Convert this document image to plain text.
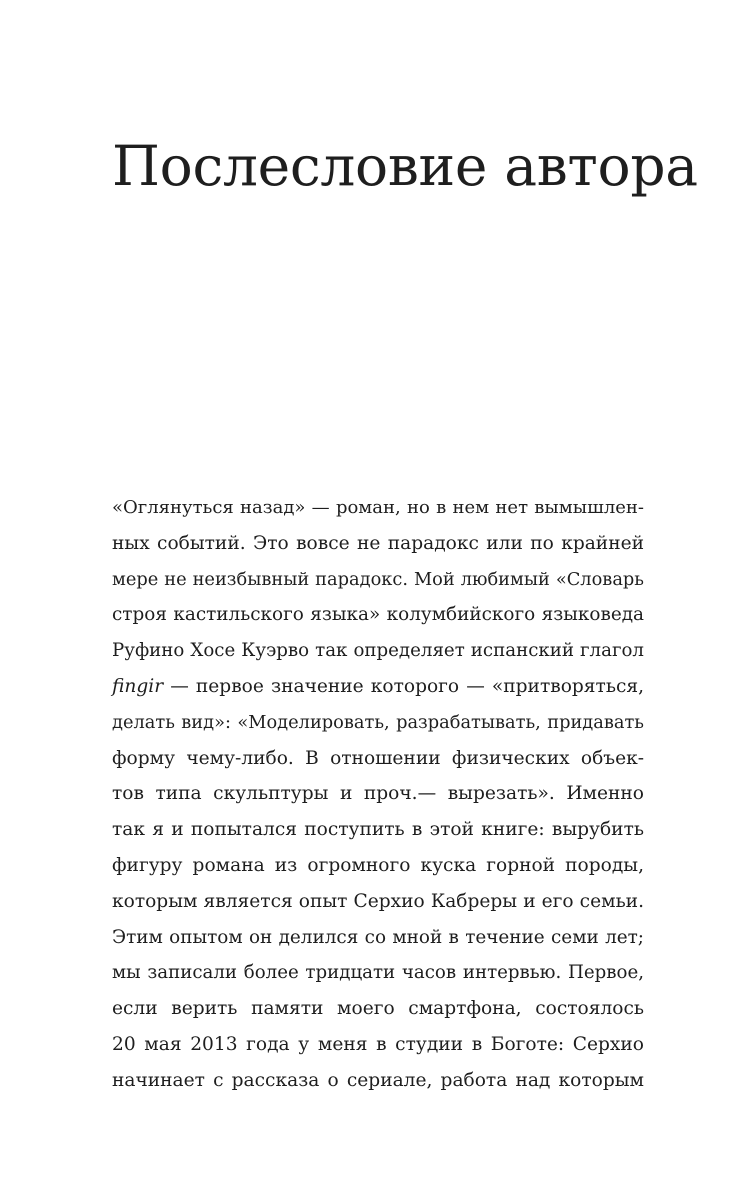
Послесловие автора
«Оглянуться назад» — роман, но в нем нет вымышлен-
ных событий. Это вовсе не парадокс или по крайней
мере не неизбывный парадокс. Мой любимый «Словарь
строя кастильского языка» колумбийского языковеда
Руфино Хосе Куэрво так определяет испанский глагол
fingir — первое значение которого — «притворяться,
делать вид»: «Моделировать, разрабатывать, придавать
форму чему-либо. В отношении физических объек-
тов типа скульптуры и проч.— вырезать». Именно
так я и попытался поступить в этой книге: вырубить
фигуру романа из огромного куска горной породы,
которым является опыт Серхио Кабреры и его семьи.
Этим опытом он делился со мной в течение семи лет;
мы записали более тридцати часов интервью. Первое,
если верить памяти моего смартфона, состоялось
20 мая 2013 года у меня в студии в Боготе: Серхио
начинает с рассказа о сериале, работа над которым
